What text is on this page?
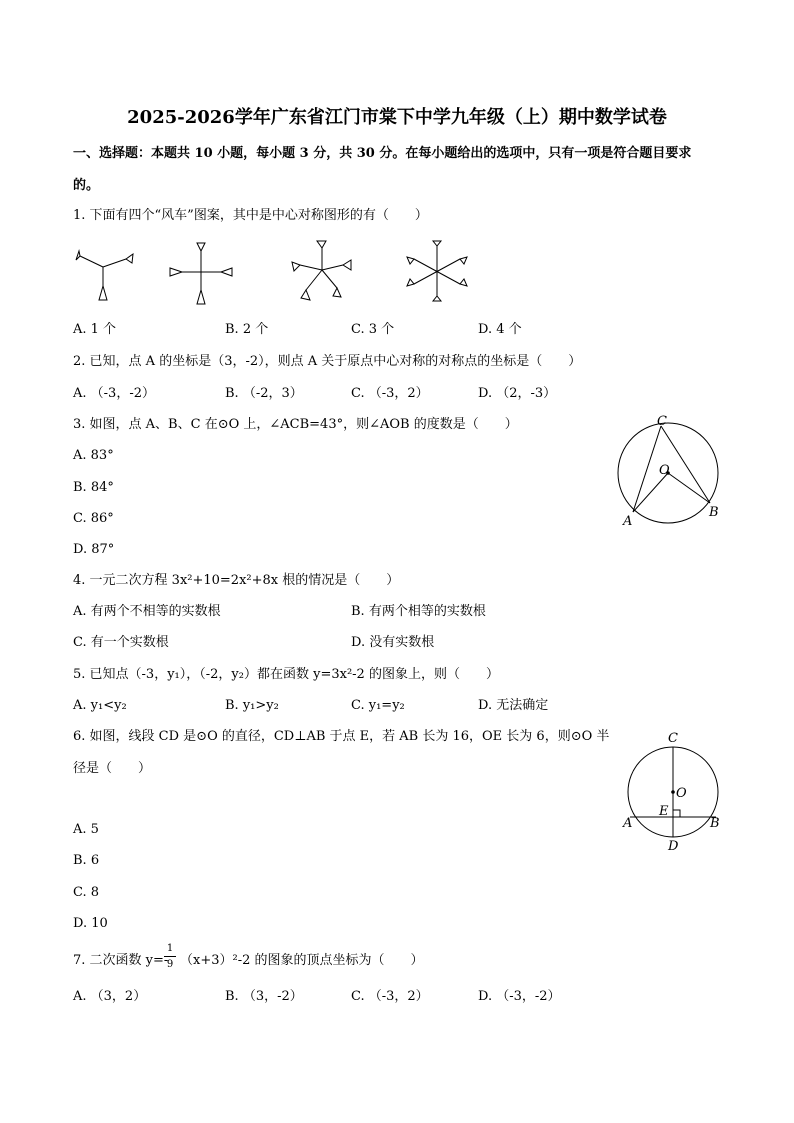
2025-2026学年广东省江门市棠下中学九年级（上）期中数学试卷
一、选择题：本题共 10 小题，每小题 3 分，共 30 分。在每小题给出的选项中，只有一项是符合题目要求
的。
1. 下面有四个“风车”图案，其中是中心对称图形的有（　　）
A. 1 个	B. 2 个	C. 3 个	D. 4 个
2. 已知，点 A 的坐标是（3，-2），则点 A 关于原点中心对称的对称点的坐标是（　　）
A. （-3，-2）	B. （-2，3）	C. （-3，2）	D. （2，-3）
3. 如图，点 A、B、C 在⊙O 上，∠ACB=43°，则∠AOB 的度数是（　　）
A. 83°
B. 84°
C. 86°
D. 87°
C
O
A
B
4. 一元二次方程 3x²+10=2x²+8x 根的情况是（　　）
A. 有两个不相等的实数根	B. 有两个相等的实数根
C. 有一个实数根	D. 没有实数根
5. 已知点（-3，y₁），（-2，y₂）都在函数 y=3x²-2 的图象上，则（　　）
A. y₁<y₂	B. y₁>y₂	C. y₁=y₂	D. 无法确定
6. 如图，线段 CD 是⊙O 的直径，CD⊥AB 于点 E，若 AB 长为 16，OE 长为 6，则⊙O 半
径是（　　）
A. 5
B. 6
C. 8
D. 10
C
O
E
A	B
D
7. 二次函数 y=-
1
9 （x+3）²-2 的图象的顶点坐标为（　　）
A. （3，2）	B. （3，-2）	C. （-3，2）	D. （-3，-2）
